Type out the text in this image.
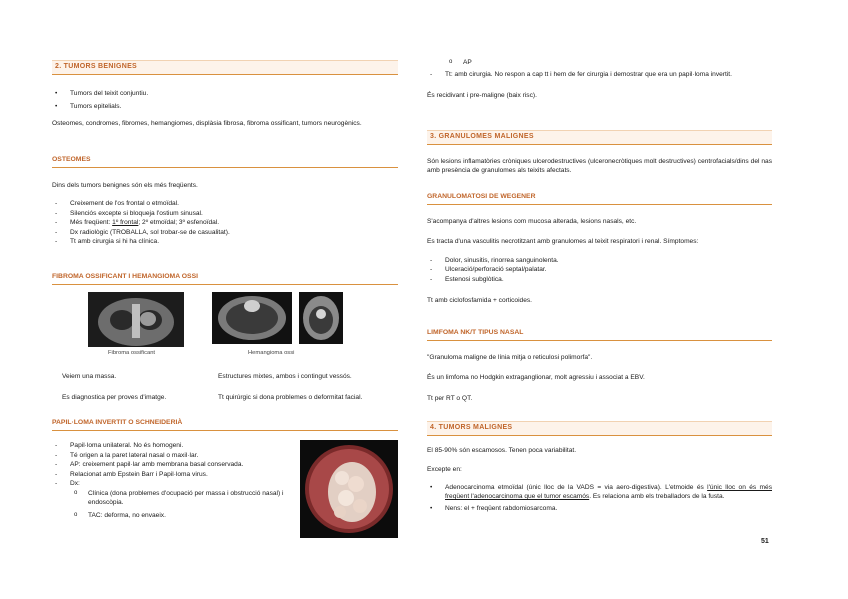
2. TUMORS BENIGNES
• Tumors del teixit conjuntiu.
• Tumors epitelials.

Osteomes, condromes, fibromes, hemangiomes, displàsia fibrosa, fibroma ossificant, tumors neurogènics.

OSTEOMES

Dins dels tumors benignes són els més freqüents.

- Creixement de l'os frontal o etmoïdal.
- Silenciós excepte si bloqueja l'ostium sinusal.
- Més freqüent: 1º frontal; 2º etmoïdal; 3º esfenoïdal.
- Dx radiològic (TROBALLA, sol trobar-se de casualitat).
- Tt amb cirurgia si hi ha clínica.
FIBROMA OSSIFICANT I HEMANGIOMA OSSI
Fibroma ossificant	Hemangioma ossi
Veiem una massa.	Estructures mixtes, ambos i contingut vessós.
Es diagnostica per proves d'imatge.	Tt quirúrgic si dona problemes o deformitat facial.
PAPIL·LOMA INVERTIT O SCHNEIDERIÀ
- Papil·loma unilateral. No és homogeni.
- Té origen a la paret lateral nasal o maxil·lar.
- AP: creixement papil·lar amb membrana basal conservada.
- Relacionat amb Epstein Barr i Papil·loma virus.
- Dx:
o Clínica (dona problemes d'ocupació per massa i obstrucció nasal) i endoscòpia.
o TAC: deforma, no envaeix.
o AP
- Tt: amb cirurgia. No respon a cap tt i hem de fer cirurgia i demostrar que era un papil·loma invertit.

És recidivant i pre-maligne (baix risc).

3. GRANULOMES MALIGNES

Són lesions inflamatòries cròniques ulcerodestructives (ulceronecròtiques molt destructives) centrofacials/dins del nas amb presència de granulomes als teixits afectats.

GRANULOMATOSI DE WEGENER

S'acompanya d'altres lesions com mucosa alterada, lesions nasals, etc.

Es tracta d'una vasculitis necrotitzant amb granulomes al teixit respiratori i renal. Símptomes:

- Dolor, sinusitis, rinorrea sanguinolenta.
- Ulceració/perforació septal/palatar.
- Estenosi subglòtica.

Tt amb ciclofosfamida + corticoides.

LIMFOMA NK/T TIPUS NASAL

"Granuloma maligne de línia mitja o reticulosi polimorfa".

És un limfoma no Hodgkin extraganglionar, molt agressiu i associat a EBV.

Tt per RT o QT.

4. TUMORS MALIGNES

El 85-90% són escamosos. Tenen poca variabilitat.

Excepte en:

• Adenocarcinoma etmoïdal (únic lloc de la VADS = via aero-digestiva). L'etmoide és l'únic lloc on és més freqüent l'adenocarcinoma que el tumor escamós. Es relaciona amb els treballadors de la fusta.
• Nens: el + freqüent rabdomiosarcoma.
51
